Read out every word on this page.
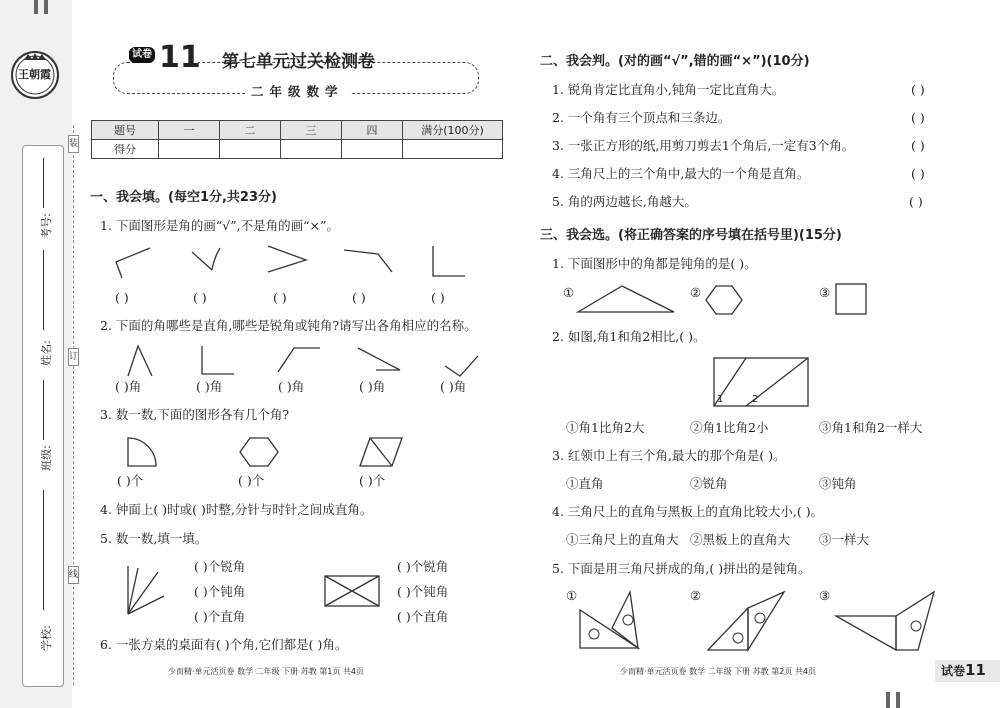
王朝霞
考号:
姓名:
班级:
学校:
装
订
线
试卷 11 第七单元过关检测卷
二年级数学
题号	一	二	三	四	满分(100分)
得分					
一、我会填。(每空1分,共23分)
1. 下面图形是角的画“√”,不是角的画“×”。
( )	( )	( )	( )	( )
2. 下面的角哪些是直角,哪些是锐角或钝角?请写出各角相应的名称。
( )角	( )角	( )角	( )角	( )角
3. 数一数,下面的图形各有几个角?
( )个	( )个	( )个
4. 钟面上( )时或( )时整,分针与时针之间成直角。
5. 数一数,填一填。
( )个锐角
( )个钝角
( )个直角
( )个锐角
( )个钝角
( )个直角
6. 一张方桌的桌面有( )个角,它们都是( )角。
少而精·单元活页卷 数学 二年级 下册 苏教 第1页 共4页
二、我会判。(对的画“√”,错的画“×”)(10分)
1. 锐角肯定比直角小,钝角一定比直角大。	( )
2. 一个角有三个顶点和三条边。	( )
3. 一张正方形的纸,用剪刀剪去1个角后,一定有3个角。	( )
4. 三角尺上的三个角中,最大的一个角是直角。	( )
5. 角的两边越长,角越大。	( )
三、我会选。(将正确答案的序号填在括号里)(15分)
1. 下面图形中的角都是钝角的是( )。
①	②	③
2. 如图,角1和角2相比,( )。
1	2
①角1比角2大	②角1比角2小	③角1和角2一样大
3. 红领巾上有三个角,最大的那个角是( )。
①直角	②锐角	③钝角
4. 三角尺上的直角与黑板上的直角比较大小,( )。
①三角尺上的直角大 ②黑板上的直角大 ③一样大
5. 下面是用三角尺拼成的角,( )拼出的是钝角。
①	②	③
少而精·单元活页卷 数学 二年级 下册 苏教 第2页 共4页	试卷 11
